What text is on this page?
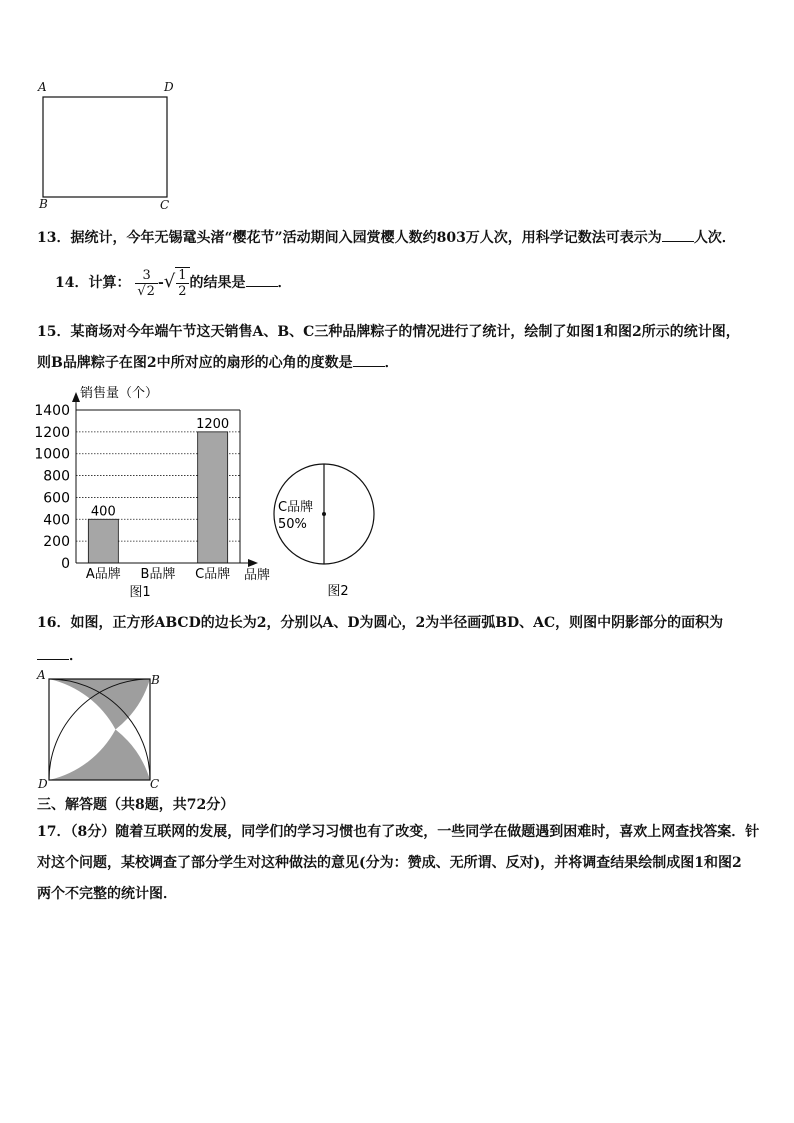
A	D
B	C
13．据统计，今年无锡鼋头渚“樱花节”活动期间入园赏樱人数约803万人次，用科学记数法可表示为 人次．
14．计算： $\frac{3}{√2}$ -√ $\frac{1}{2}$ 的结果是 ．
15．某商场对今年端午节这天销售A、B、C三种品牌粽子的情况进行了统计，绘制了如图1和图2所示的统计图，
则B品牌粽子在图2中所对应的扇形的心角的度数是 ．
0
200
400
600
800
1000
1200
1400
400
1200
A品牌 B品牌 C品牌
销售量（个）
品牌
图1
C品牌
50%
图2
16．如图，正方形ABCD的边长为2，分别以A、D为圆心，2为半径画弧BD、AC，则图中阴影部分的面积为
．
A	B
C
D
三、解答题（共8题，共72分）
17．（8分）随着互联网的发展，同学们的学习习惯也有了改变，一些同学在做题遇到困难时，喜欢上网查找答案．针
对这个问题，某校调查了部分学生对这种做法的意见(分为：赞成、无所谓、反对)，并将调查结果绘制成图1和图2
两个不完整的统计图．
